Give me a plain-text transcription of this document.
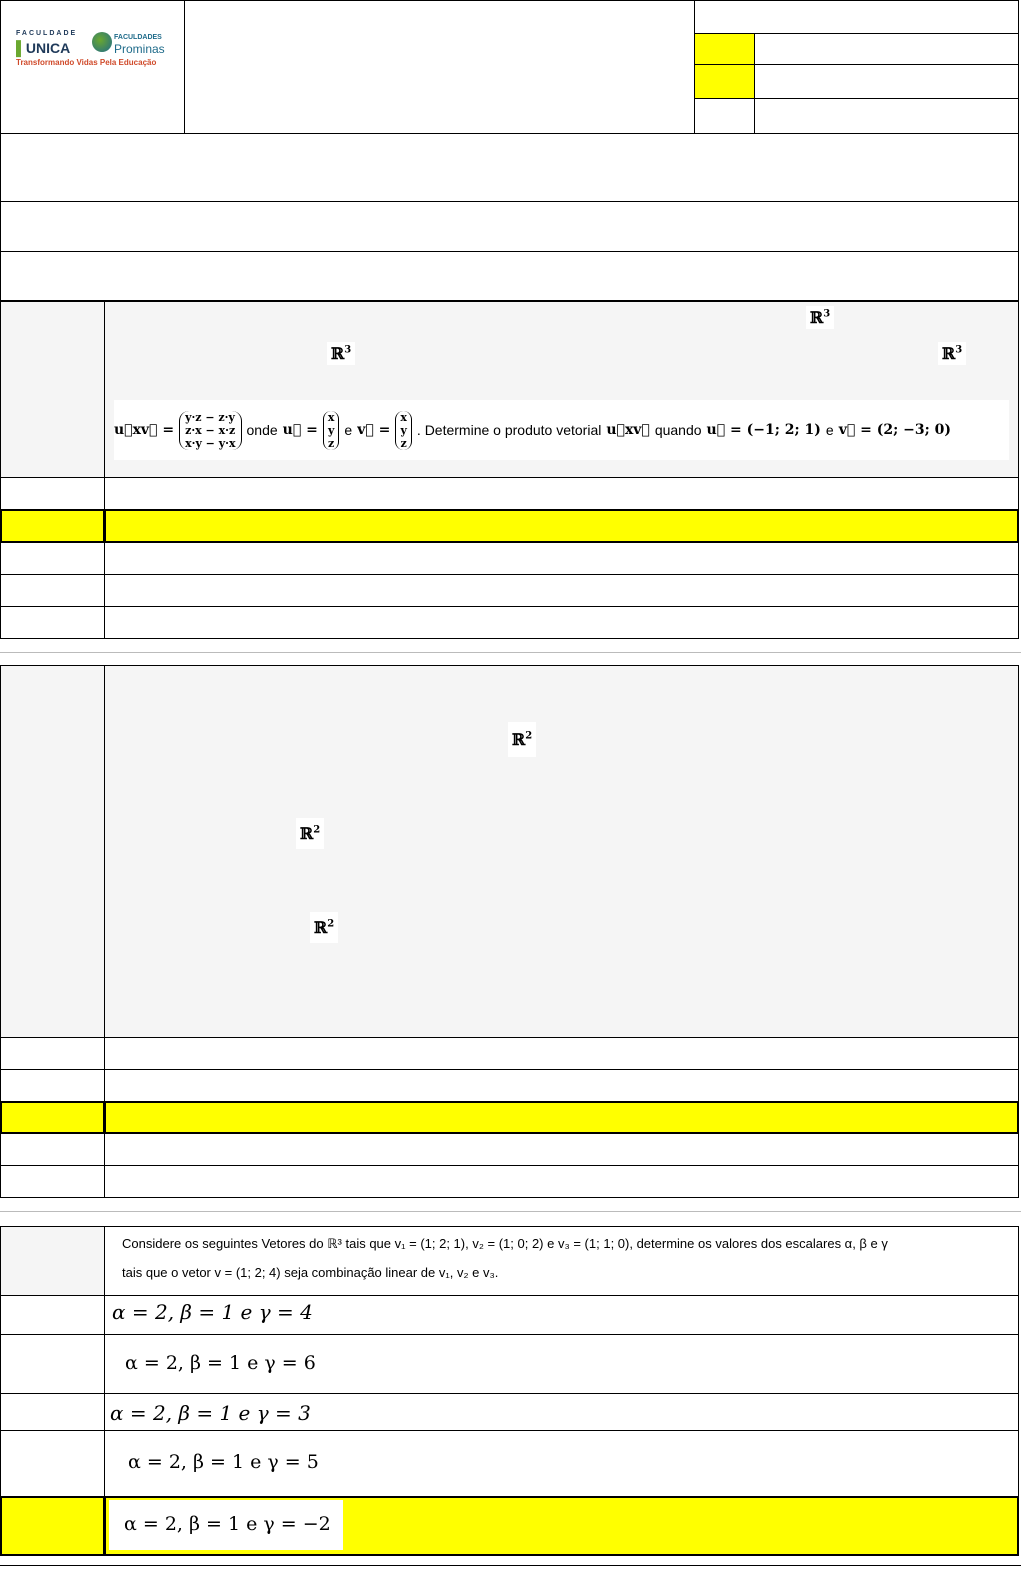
FACULDADE
▌UNICA
FACULDADES
Prominas
Transformando Vidas Pela Educação
ℝ$^3$
ℝ$^3$	ℝ$^3$
u⃗xv⃗ =
y·z − z·y
z·x − x·z
x·y − y·x
onde u⃗ =
x
y
z
e v⃗ =
x
y
z
. Determine o produto vetorial u⃗xv⃗ quando u⃗ = (−1; 2; 1) e v⃗ = (2; −3; 0)
ℝ$^2$
ℝ$^2$
ℝ$^2$
Considere os seguintes Vetores do ℝ³ tais que v₁ = (1; 2; 1), v₂ = (1; 0; 2) e v₃ = (1; 1; 0), determine os valores dos escalares α, β e γ
tais que o vetor v = (1; 2; 4) seja combinação linear de v₁, v₂ e v₃.
α = 2, β = 1 e γ = 4
α = 2, β = 1 e γ = 6
α = 2, β = 1 e γ = 3
α = 2, β = 1 e γ = 5
α = 2, β = 1 e γ = −2
